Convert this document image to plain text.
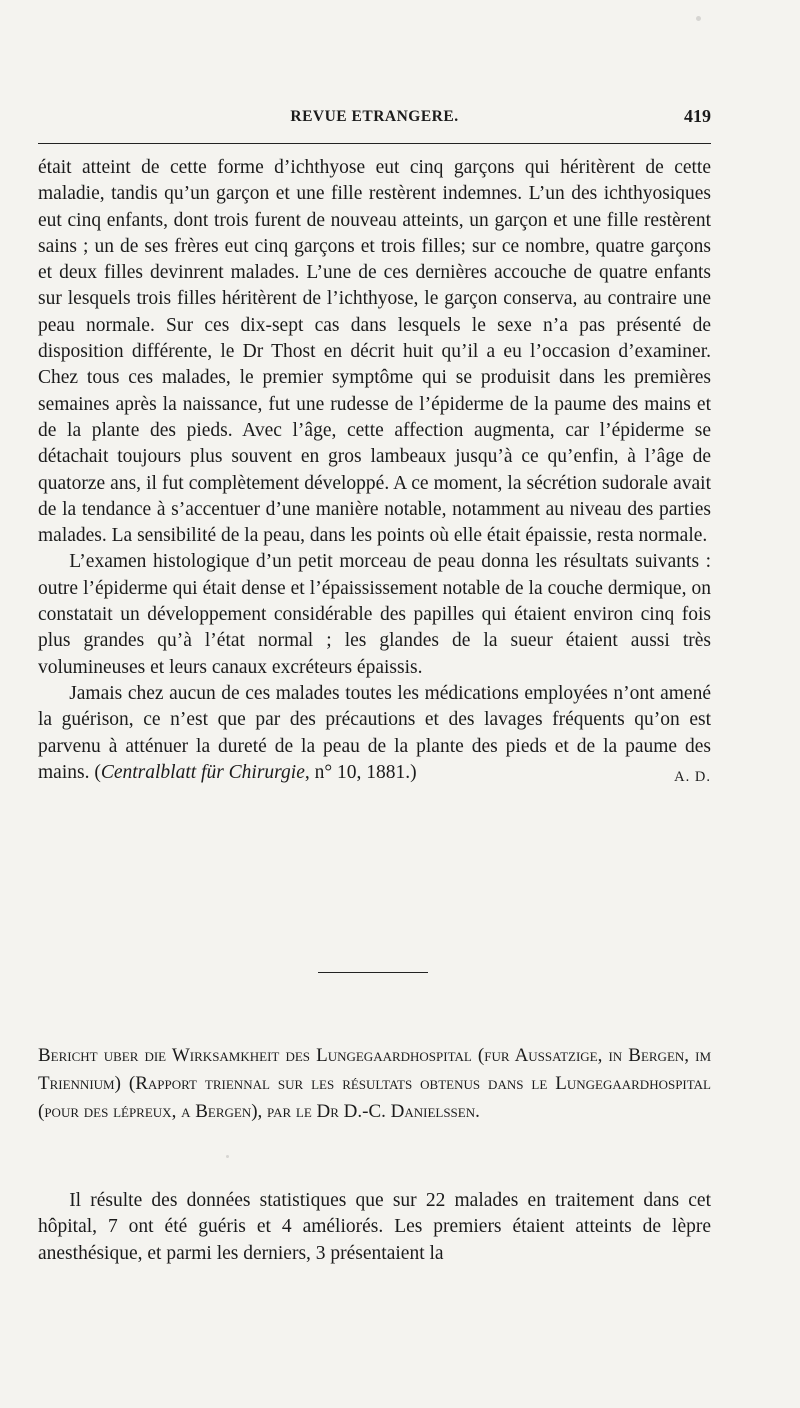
REVUE ETRANGERE.	419

était atteint de cette forme d’ichthyose eut cinq garçons qui héritèrent de cette maladie, tandis qu’un garçon et une fille restèrent indemnes. L’un des ichthyosiques eut cinq enfants, dont trois furent de nouveau atteints, un garçon et une fille restèrent sains ; un de ses frères eut cinq garçons et trois filles; sur ce nombre, quatre garçons et deux filles devinrent malades. L’une de ces dernières accouche de quatre enfants sur lesquels trois filles héritèrent de l’ichthyose, le garçon conserva, au contraire une peau normale. Sur ces dix-sept cas dans lesquels le sexe n’a pas présenté de disposition différente, le Dr Thost en décrit huit qu’il a eu l’occasion d’examiner. Chez tous ces malades, le premier symptôme qui se produisit dans les premières semaines après la naissance, fut une rudesse de l’épiderme de la paume des mains et de la plante des pieds. Avec l’âge, cette affection augmenta, car l’épiderme se détachait toujours plus souvent en gros lambeaux jusqu’à ce qu’enfin, à l’âge de quatorze ans, il fut complètement développé. A ce moment, la sécrétion sudorale avait de la tendance à s’accentuer d’une manière notable, notamment au niveau des parties malades. La sensibilité de la peau, dans les points où elle était épaissie, resta normale.

L’examen histologique d’un petit morceau de peau donna les résultats suivants : outre l’épiderme qui était dense et l’épaississement notable de la couche dermique, on constatait un développement considérable des papilles qui étaient environ cinq fois plus grandes qu’à l’état normal ; les glandes de la sueur étaient aussi très volumineuses et leurs canaux excréteurs épaissis.

Jamais chez aucun de ces malades toutes les médications employées n’ont amené la guérison, ce n’est que par des précautions et des lavages fréquents qu’on est parvenu à atténuer la dureté de la peau de la plante des pieds et de la paume des mains. (Centralblatt für Chirurgie, n° 10, 1881.)	A. D.

Bericht uber die Wirksamkheit des Lungegaardhospital (fur Aussatzige, in Bergen, im Triennium) (Rapport triennal sur les résultats obtenus dans le Lungegaardhospital (pour des lépreux, a Bergen), par le Dr D.-C. Danielssen.

Il résulte des données statistiques que sur 22 malades en traitement dans cet hôpital, 7 ont été guéris et 4 améliorés. Les premiers étaient atteints de lèpre anesthésique, et parmi les derniers, 3 présentaient la
